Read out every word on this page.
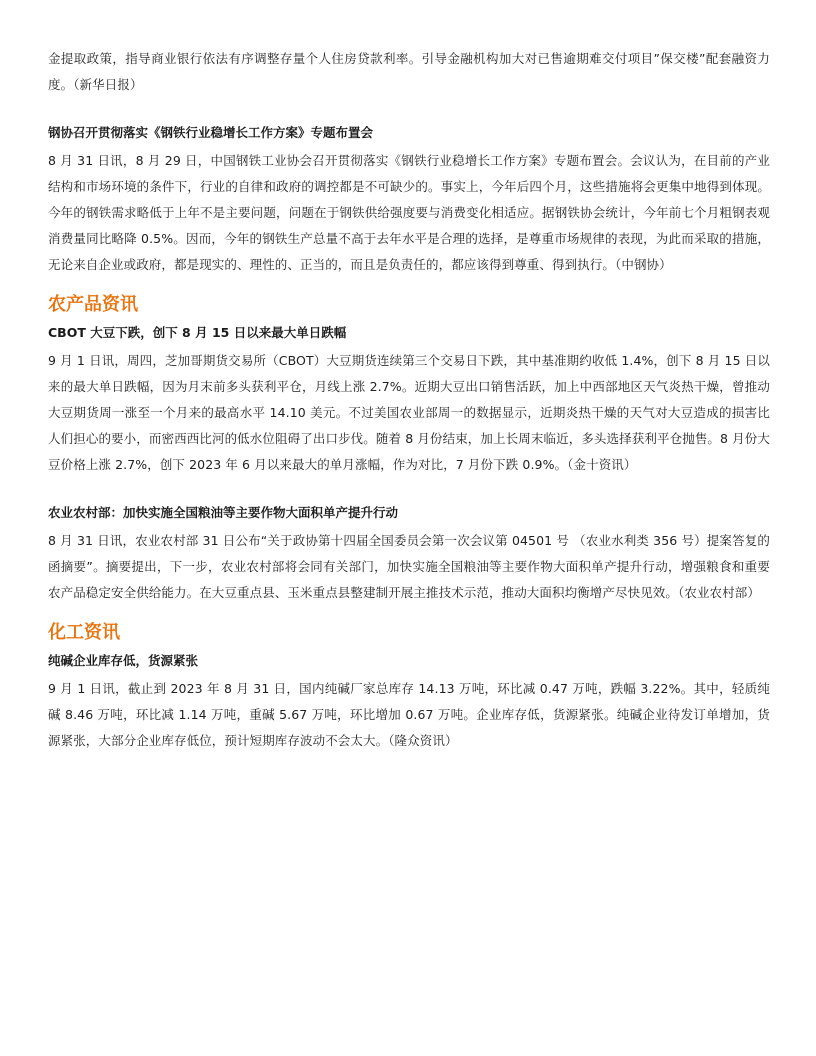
金提取政策，指导商业银行依法有序调整存量个人住房贷款利率。引导金融机构加大对已售逾期难交付项目”保交楼”配套融资力度。（新华日报）

钢协召开贯彻落实《钢铁行业稳增长工作方案》专题布置会

8 月 31 日讯，8 月 29 日，中国钢铁工业协会召开贯彻落实《钢铁行业稳增长工作方案》专题布置会。会议认为，在目前的产业结构和市场环境的条件下，行业的自律和政府的调控都是不可缺少的。事实上，今年后四个月，这些措施将会更集中地得到体现。今年的钢铁需求略低于上年不是主要问题，问题在于钢铁供给强度要与消费变化相适应。据钢铁协会统计，今年前七个月粗钢表观消费量同比略降 0.5%。因而，今年的钢铁生产总量不高于去年水平是合理的选择，是尊重市场规律的表现，为此而采取的措施，无论来自企业或政府，都是现实的、理性的、正当的，而且是负责任的，都应该得到尊重、得到执行。（中钢协）

农产品资讯

CBOT 大豆下跌，创下 8 月 15 日以来最大单日跌幅

9 月 1 日讯，周四，芝加哥期货交易所（CBOT）大豆期货连续第三个交易日下跌，其中基准期约收低 1.4%，创下 8 月 15 日以来的最大单日跌幅，因为月末前多头获利平仓，月线上涨 2.7%。近期大豆出口销售活跃，加上中西部地区天气炎热干燥，曾推动大豆期货周一涨至一个月来的最高水平 14.10 美元。不过美国农业部周一的数据显示，近期炎热干燥的天气对大豆造成的损害比人们担心的要小，而密西西比河的低水位阻碍了出口步伐。随着 8 月份结束，加上长周末临近，多头选择获利平仓抛售。8 月份大豆价格上涨 2.7%，创下 2023 年 6 月以来最大的单月涨幅，作为对比，7 月份下跌 0.9%。（金十资讯）

农业农村部：加快实施全国粮油等主要作物大面积单产提升行动

8 月 31 日讯，农业农村部 31 日公布“关于政协第十四届全国委员会第一次会议第 04501 号 （农业水利类 356 号）提案答复的函摘要”。摘要提出，下一步，农业农村部将会同有关部门，加快实施全国粮油等主要作物大面积单产提升行动，增强粮食和重要农产品稳定安全供给能力。在大豆重点县、玉米重点县整建制开展主推技术示范，推动大面积均衡增产尽快见效。（农业农村部）

化工资讯

纯碱企业库存低，货源紧张

9 月 1 日讯，截止到 2023 年 8 月 31 日，国内纯碱厂家总库存 14.13 万吨，环比减 0.47 万吨，跌幅 3.22%。其中，轻质纯碱 8.46 万吨，环比减 1.14 万吨，重碱 5.67 万吨，环比增加 0.67 万吨。企业库存低，货源紧张。纯碱企业待发订单增加，货源紧张，大部分企业库存低位，预计短期库存波动不会太大。（隆众资讯）
